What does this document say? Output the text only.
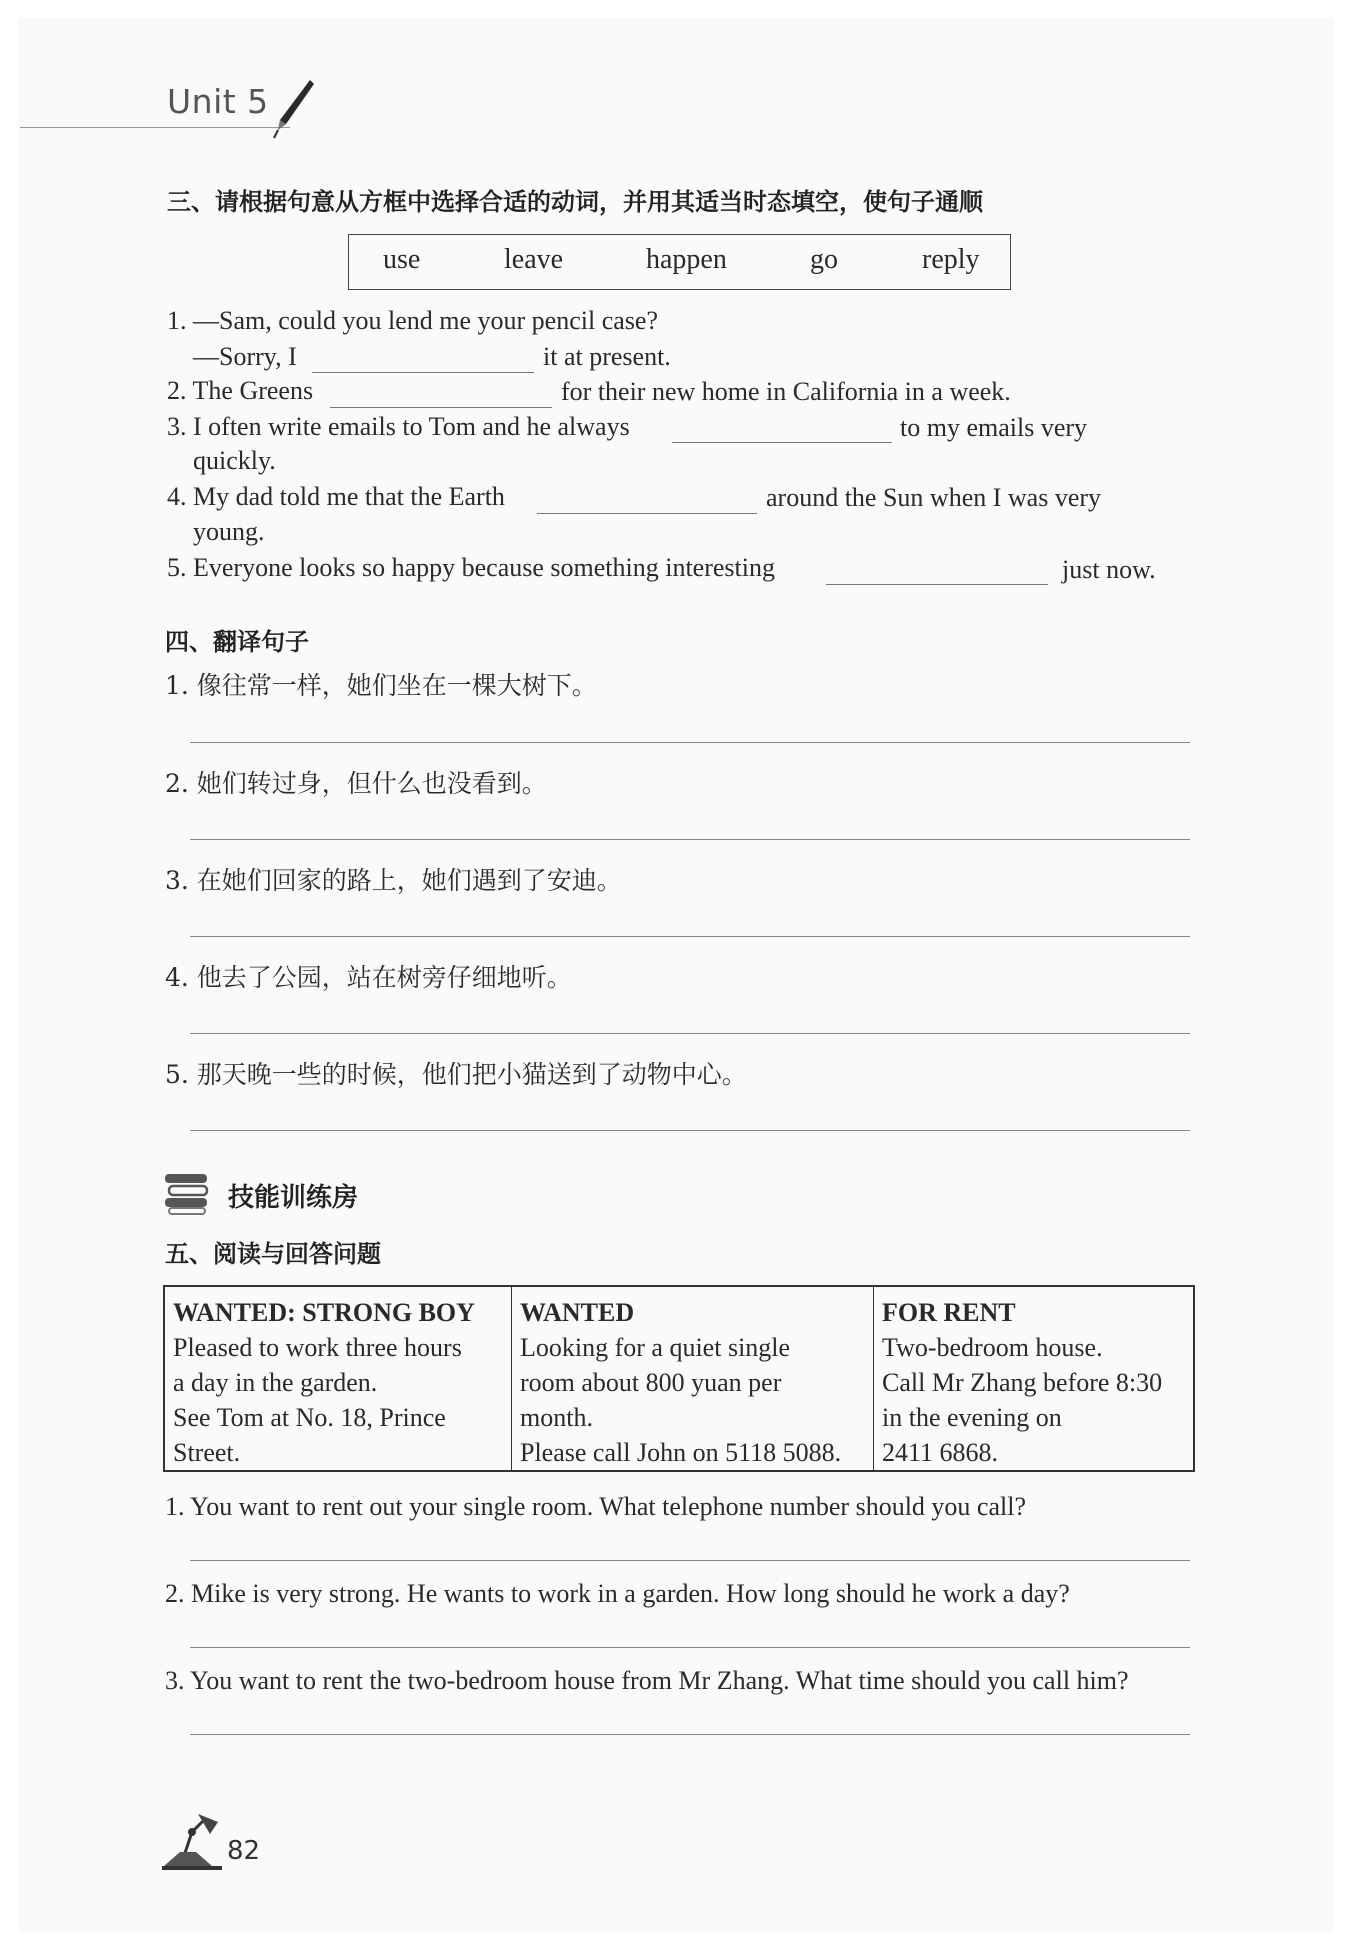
Unit 5
三、请根据句意从方框中选择合适的动词，并用其适当时态填空，使句子通顺
use	leave	happen	go	reply
1. —Sam, could you lend me your pencil case?
—Sorry, I	it at present.
2. The Greens	for their new home in California in a week.
3. I often write emails to Tom and he always	to my emails very
quickly.
4. My dad told me that the Earth	around the Sun when I was very
young.
5. Everyone looks so happy because something interesting	just now.
四、翻译句子
1. 像往常一样，她们坐在一棵大树下。
2. 她们转过身，但什么也没看到。
3. 在她们回家的路上，她们遇到了安迪。
4. 他去了公园，站在树旁仔细地听。
5. 那天晚一些的时候，他们把小猫送到了动物中心。
技能训练房
五、阅读与回答问题
WANTED: STRONG BOY
Pleased to work three hours
a day in the garden.
See Tom at No. 18, Prince
Street.

WANTED
Looking for a quiet single
room about 800 yuan per
month.
Please call John on 5118 5088.

FOR RENT
Two-bedroom house.
Call Mr Zhang before 8:30
in the evening on
2411 6868.
1. You want to rent out your single room. What telephone number should you call?
2. Mike is very strong. He wants to work in a garden. How long should he work a day?
3. You want to rent the two-bedroom house from Mr Zhang. What time should you call him?
82
